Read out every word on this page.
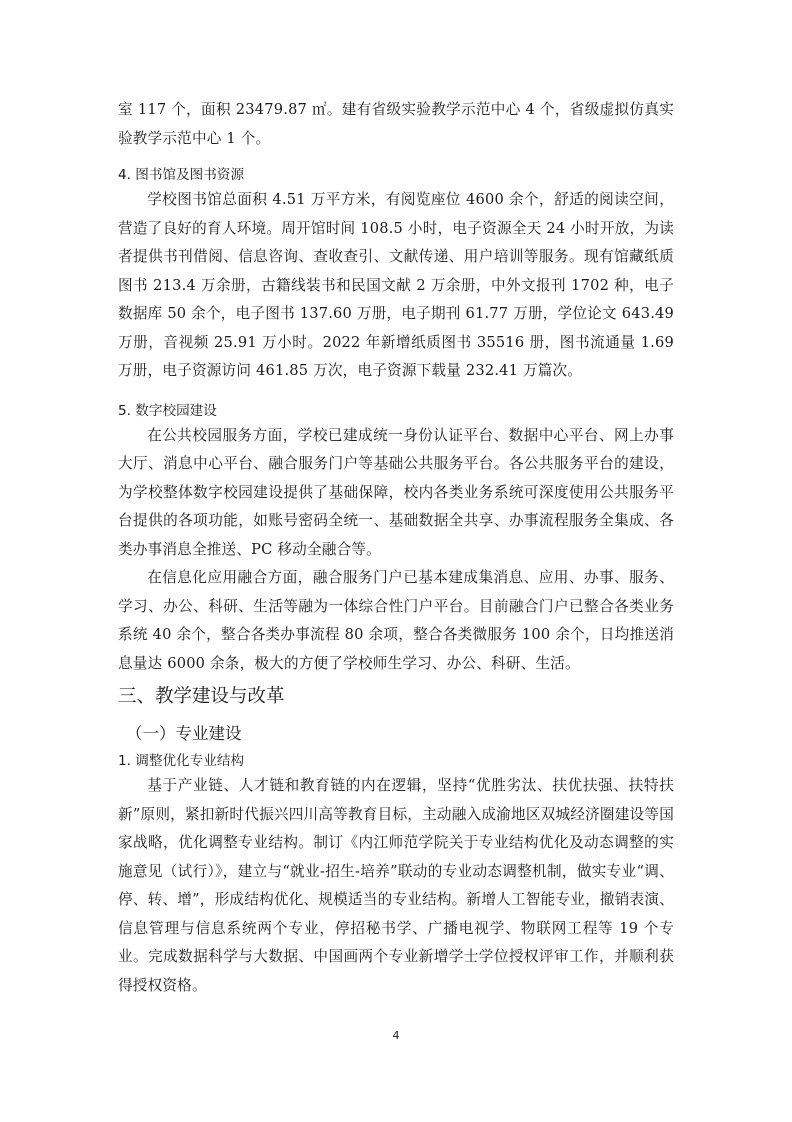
室 117 个，面积 23479.87 ㎡。建有省级实验教学示范中心 4 个，省级虚拟仿真实验教学示范中心 1 个。

4. 图书馆及图书资源

学校图书馆总面积 4.51 万平方米，有阅览座位 4600 余个，舒适的阅读空间，营造了良好的育人环境。周开馆时间 108.5 小时，电子资源全天 24 小时开放，为读者提供书刊借阅、信息咨询、查收查引、文献传递、用户培训等服务。现有馆藏纸质图书 213.4 万余册，古籍线装书和民国文献 2 万余册，中外文报刊 1702 种，电子数据库 50 余个，电子图书 137.60 万册，电子期刊 61.77 万册，学位论文 643.49 万册，音视频 25.91 万小时。2022 年新增纸质图书 35516 册，图书流通量 1.69 万册，电子资源访问 461.85 万次，电子资源下载量 232.41 万篇次。

5. 数字校园建设

在公共校园服务方面，学校已建成统一身份认证平台、数据中心平台、网上办事大厅、消息中心平台、融合服务门户等基础公共服务平台。各公共服务平台的建设，为学校整体数字校园建设提供了基础保障，校内各类业务系统可深度使用公共服务平台提供的各项功能，如账号密码全统一、基础数据全共享、办事流程服务全集成、各类办事消息全推送、PC 移动全融合等。

在信息化应用融合方面，融合服务门户已基本建成集消息、应用、办事、服务、学习、办公、科研、生活等融为一体综合性门户平台。目前融合门户已整合各类业务系统 40 余个，整合各类办事流程 80 余项，整合各类微服务 100 余个，日均推送消息量达 6000 余条，极大的方便了学校师生学习、办公、科研、生活。

三、教学建设与改革
（一）专业建设
1. 调整优化专业结构

基于产业链、人才链和教育链的内在逻辑，坚持“优胜劣汰、扶优扶强、扶特扶新”原则，紧扣新时代振兴四川高等教育目标，主动融入成渝地区双城经济圈建设等国家战略，优化调整专业结构。制订《内江师范学院关于专业结构优化及动态调整的实施意见（试行）》，建立与“就业-招生-培养”联动的专业动态调整机制，做实专业“调、停、转、增”，形成结构优化、规模适当的专业结构。新增人工智能专业，撤销表演、信息管理与信息系统两个专业，停招秘书学、广播电视学、物联网工程等 19 个专业。完成数据科学与大数据、中国画两个专业新增学士学位授权评审工作，并顺利获得授权资格。

4
